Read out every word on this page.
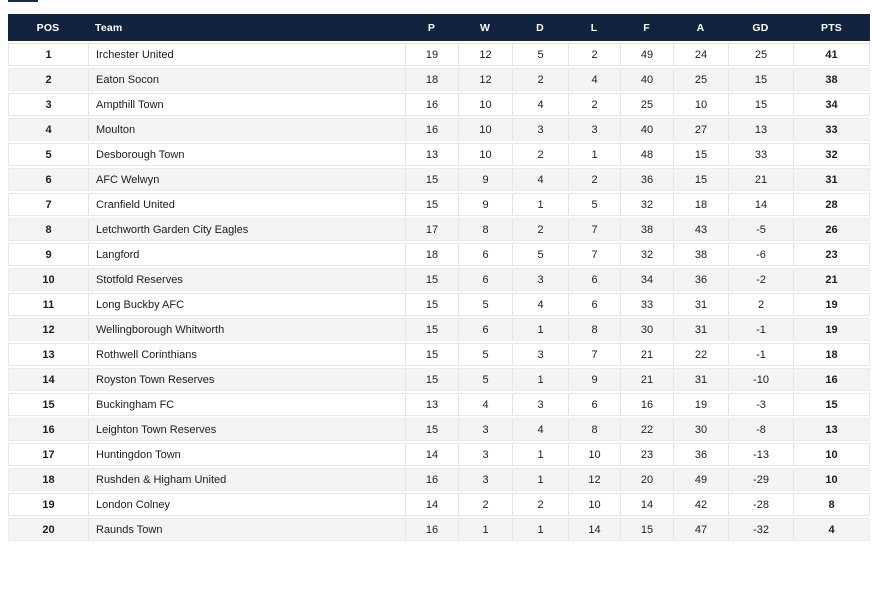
POS	Team	P	W	D	L	F	A	GD	PTS
1	Irchester United	19	12	5	2	49	24	25	41
2	Eaton Socon	18	12	2	4	40	25	15	38
3	Ampthill Town	16	10	4	2	25	10	15	34
4	Moulton	16	10	3	3	40	27	13	33
5	Desborough Town	13	10	2	1	48	15	33	32
6	AFC Welwyn	15	9	4	2	36	15	21	31
7	Cranfield United	15	9	1	5	32	18	14	28
8	Letchworth Garden City Eagles	17	8	2	7	38	43	-5	26
9	Langford	18	6	5	7	32	38	-6	23
10	Stotfold Reserves	15	6	3	6	34	36	-2	21
11	Long Buckby AFC	15	5	4	6	33	31	2	19
12	Wellingborough Whitworth	15	6	1	8	30	31	-1	19
13	Rothwell Corinthians	15	5	3	7	21	22	-1	18
14	Royston Town Reserves	15	5	1	9	21	31	-10	16
15	Buckingham FC	13	4	3	6	16	19	-3	15
16	Leighton Town Reserves	15	3	4	8	22	30	-8	13
17	Huntingdon Town	14	3	1	10	23	36	-13	10
18	Rushden & Higham United	16	3	1	12	20	49	-29	10
19	London Colney	14	2	2	10	14	42	-28	8
20	Raunds Town	16	1	1	14	15	47	-32	4
